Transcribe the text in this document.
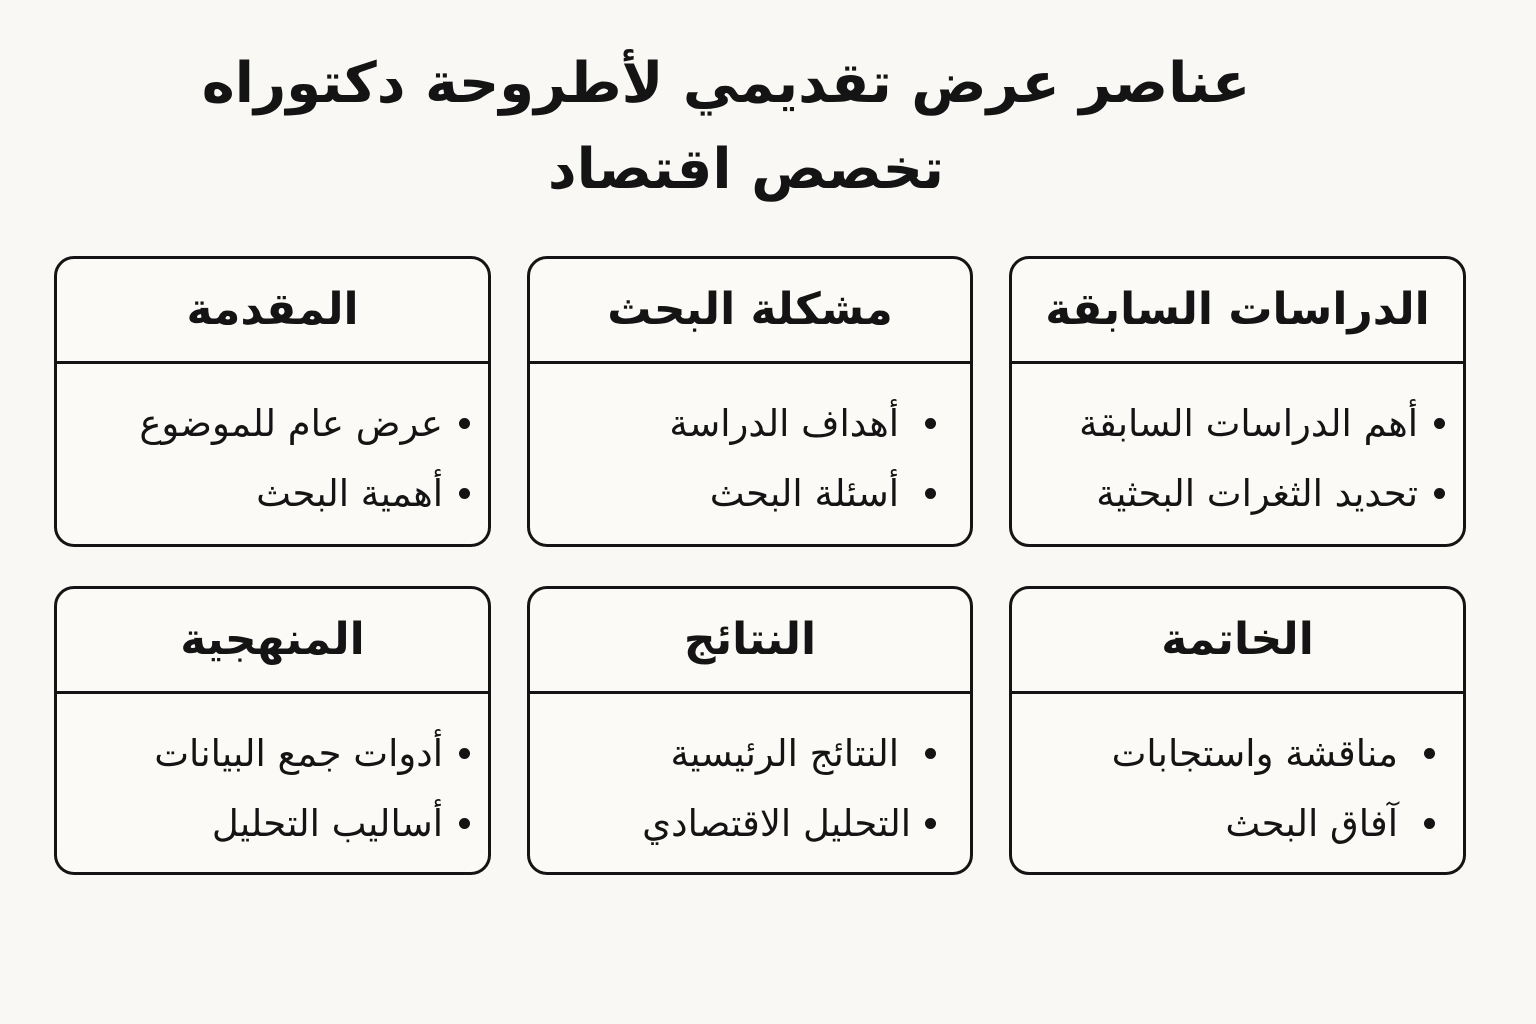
عناصر عرض تقديمي لأطروحة دكتوراه
تخصص اقتصاد
المقدمة
عرض عام للموضوع
أهمية البحث
مشكلة البحث
أهداف الدراسة
أسئلة البحث
الدراسات السابقة
أهم الدراسات السابقة
تحديد الثغرات البحثية
المنهجية
أدوات جمع البيانات
أساليب التحليل
النتائج
النتائج الرئيسية
التحليل الاقتصادي
الخاتمة
مناقشة واستجابات
آفاق البحث
